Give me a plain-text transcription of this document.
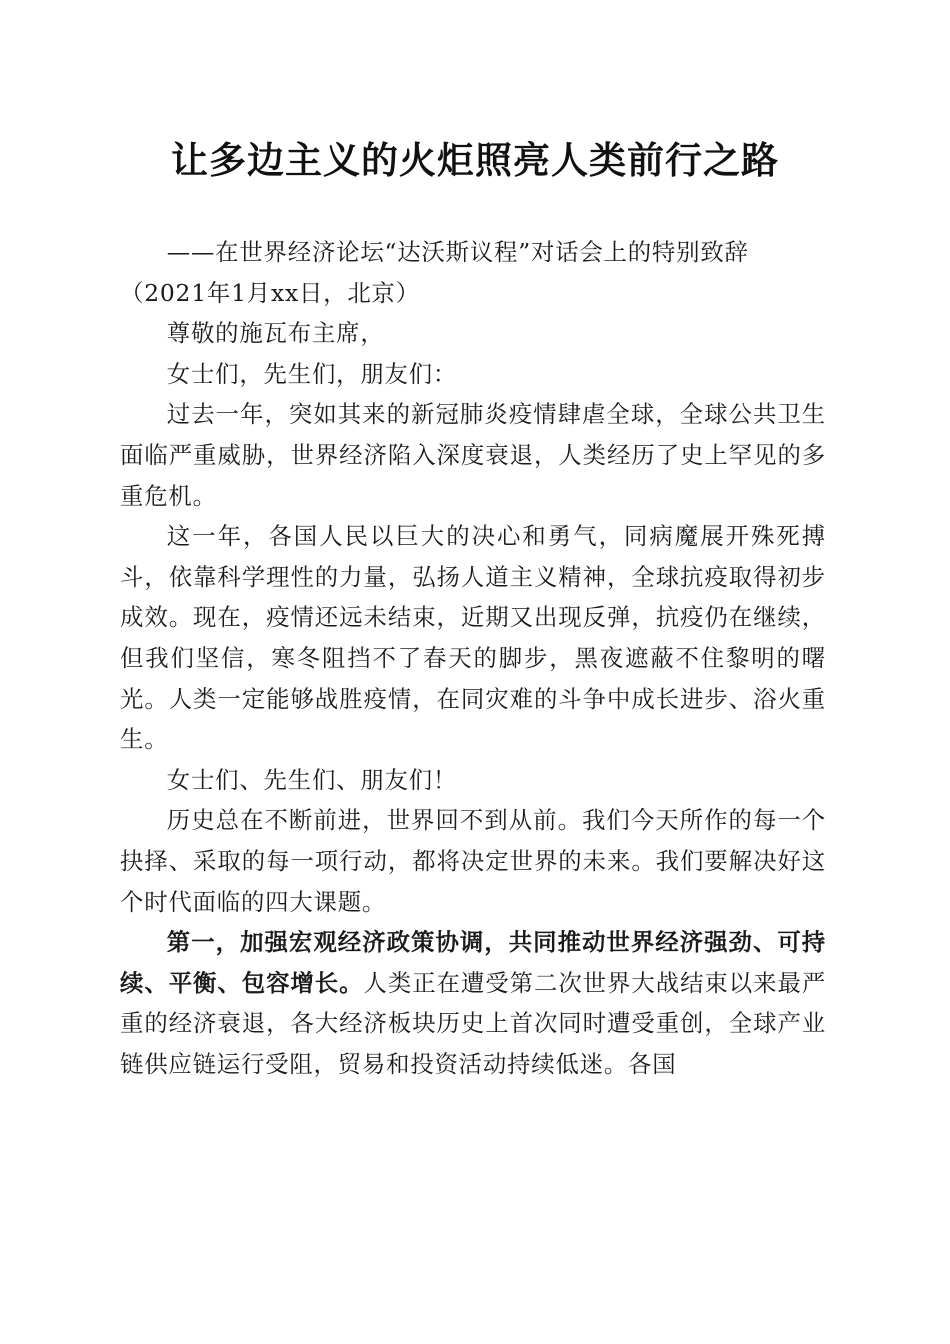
让多边主义的火炬照亮人类前行之路

——在世界经济论坛“达沃斯议程”对话会上的特别致辞

（2021年1月xx日，北京）

尊敬的施瓦布主席，

女士们，先生们，朋友们：

过去一年，突如其来的新冠肺炎疫情肆虐全球，全球公共卫生面临严重威胁，世界经济陷入深度衰退，人类经历了史上罕见的多重危机。

这一年，各国人民以巨大的决心和勇气，同病魔展开殊死搏斗，依靠科学理性的力量，弘扬人道主义精神，全球抗疫取得初步成效。现在，疫情还远未结束，近期又出现反弹，抗疫仍在继续，但我们坚信，寒冬阻挡不了春天的脚步，黑夜遮蔽不住黎明的曙光。人类一定能够战胜疫情，在同灾难的斗争中成长进步、浴火重生。

女士们、先生们、朋友们！

历史总在不断前进，世界回不到从前。我们今天所作的每一个抉择、采取的每一项行动，都将决定世界的未来。我们要解决好这个时代面临的四大课题。

第一，加强宏观经济政策协调，共同推动世界经济强劲、可持续、平衡、包容增长。人类正在遭受第二次世界大战结束以来最严重的经济衰退，各大经济板块历史上首次同时遭受重创，全球产业链供应链运行受阻，贸易和投资活动持续低迷。各国
